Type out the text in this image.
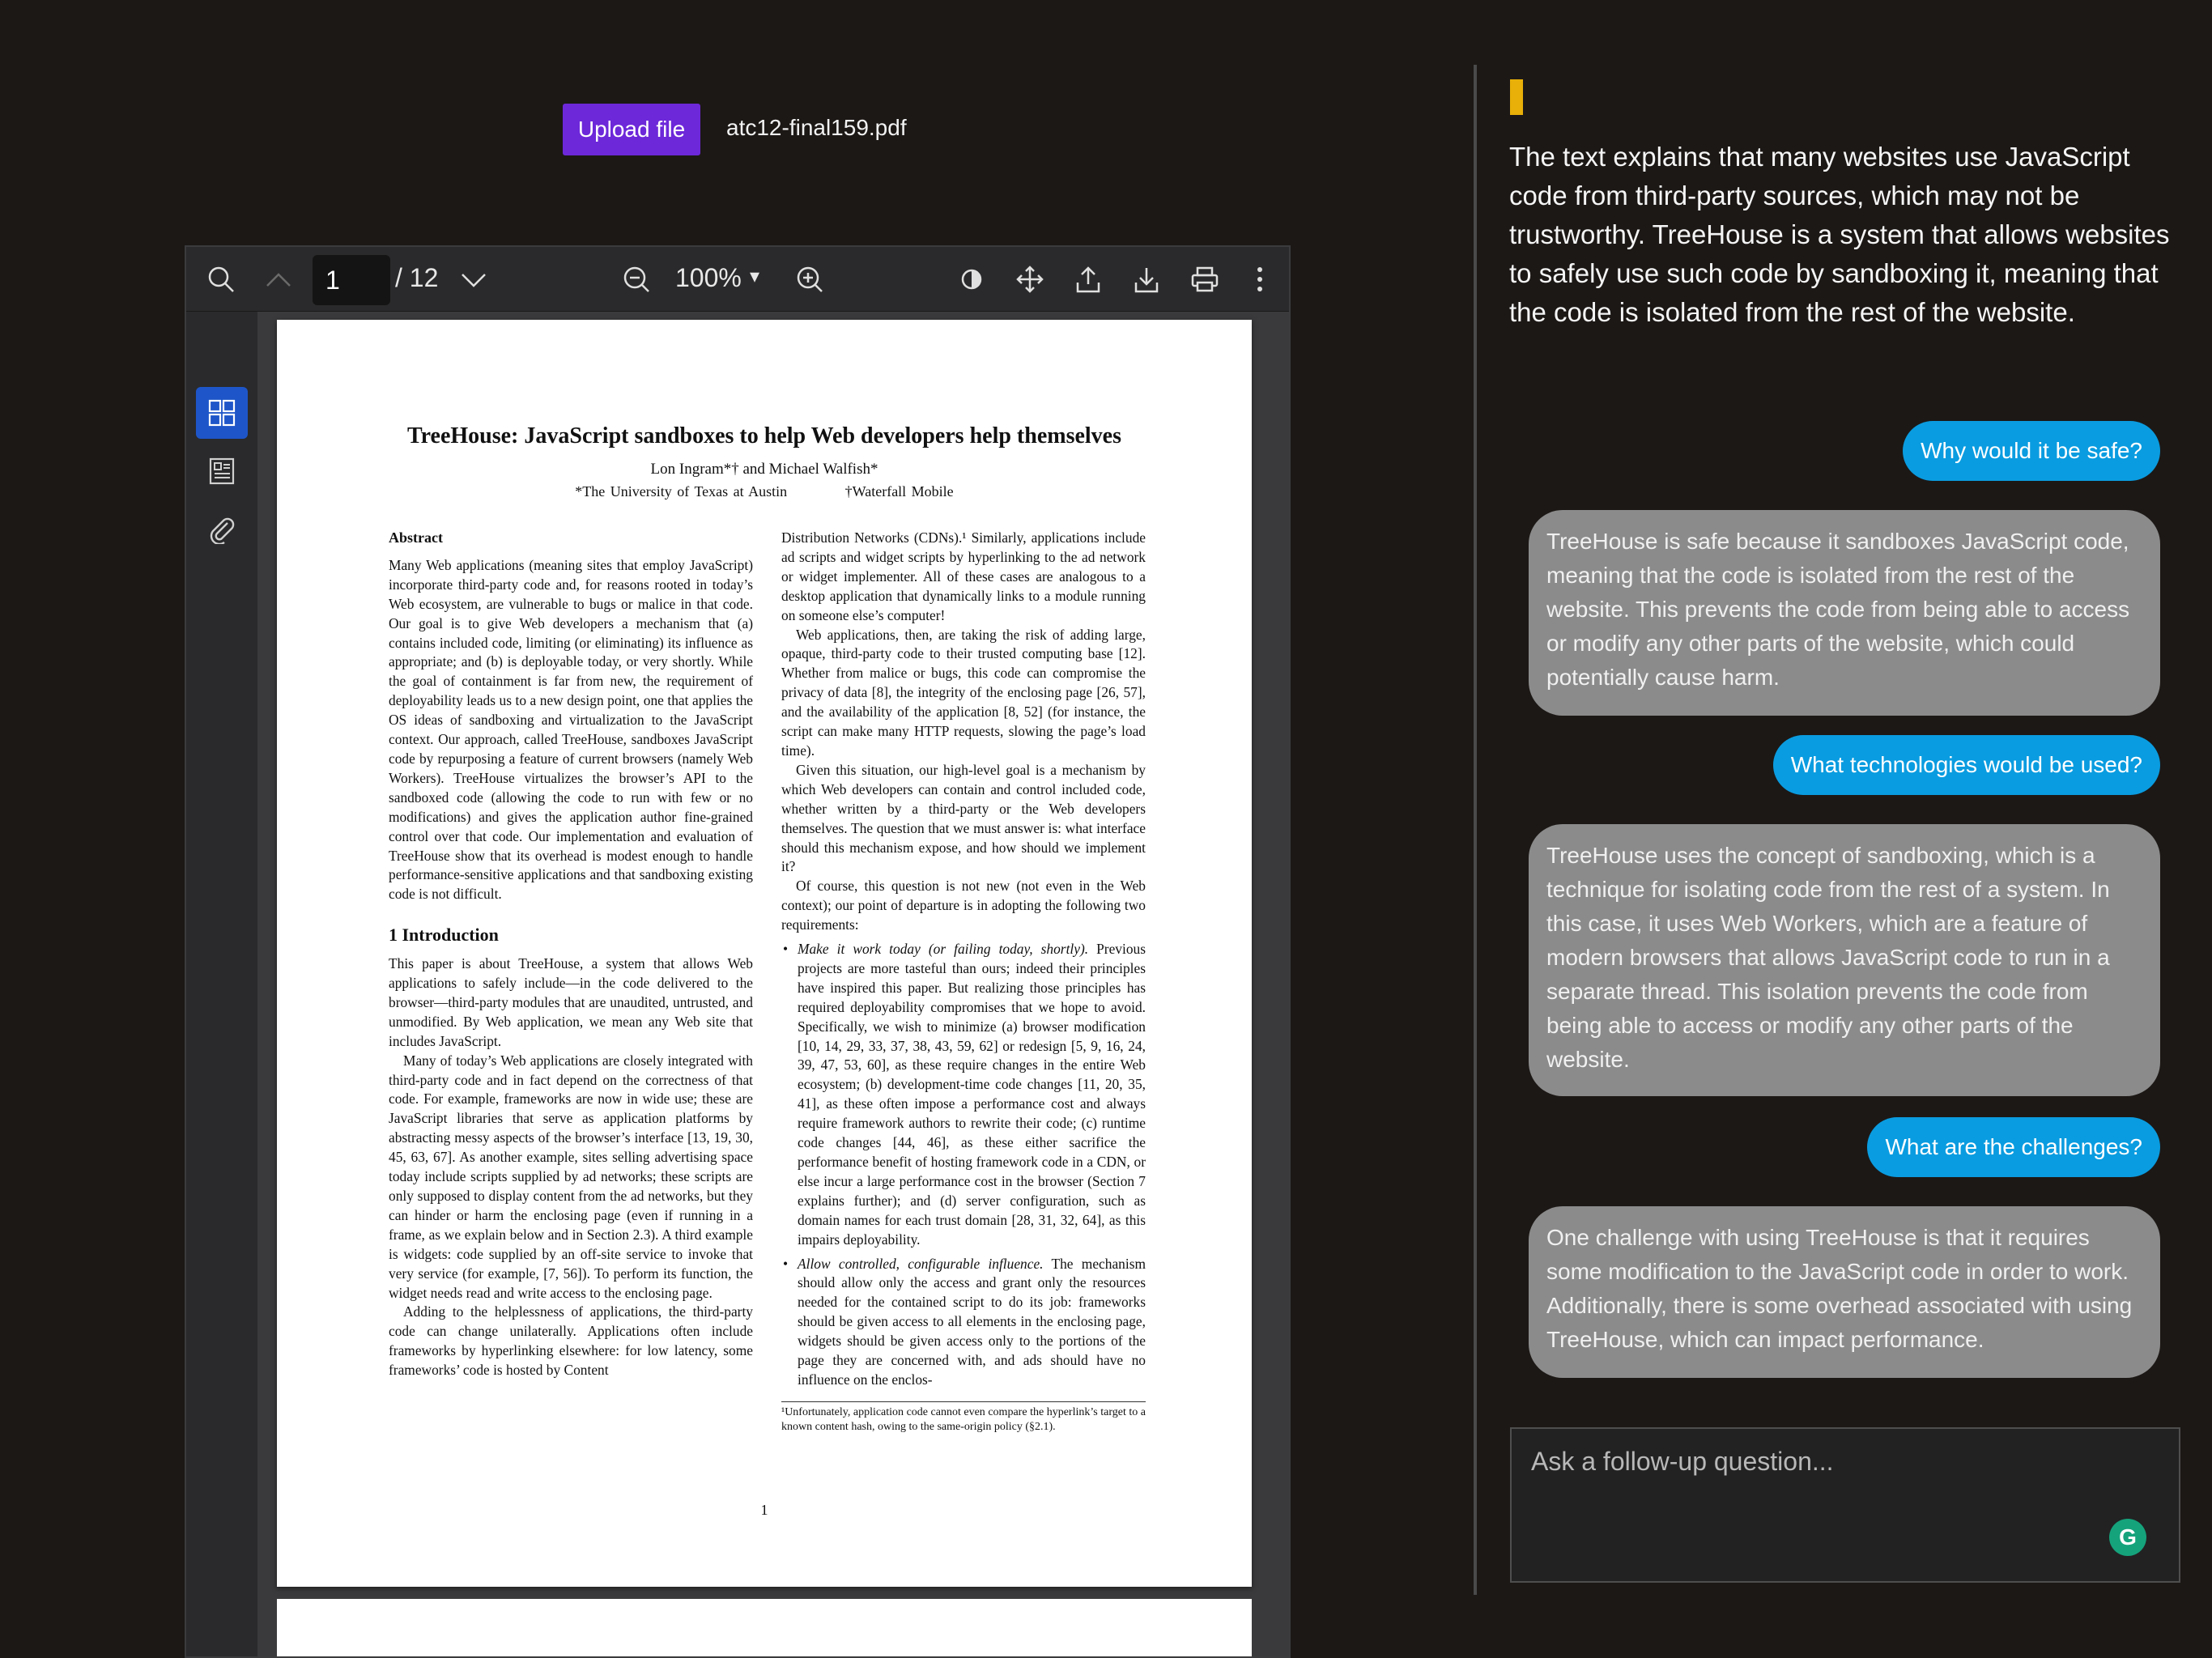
Upload file	atc12-final159.pdf
1
/ 12	100% ▾
TreeHouse: JavaScript sandboxes to help Web developers help themselves
Lon Ingram*† and Michael Walfish*
*The University of Texas at Austin	†Waterfall Mobile
Abstract

Many Web applications (meaning sites that employ JavaScript) incorporate third-party code and, for reasons rooted in today’s Web ecosystem, are vulnerable to bugs or malice in that code. Our goal is to give Web developers a mechanism that (a) contains included code, limiting (or eliminating) its influence as appropriate; and (b) is deployable today, or very shortly. While the goal of containment is far from new, the requirement of deployability leads us to a new design point, one that applies the OS ideas of sandboxing and virtualization to the JavaScript context. Our approach, called TreeHouse, sandboxes JavaScript code by repurposing a feature of current browsers (namely Web Workers). TreeHouse virtualizes the browser’s API to the sandboxed code (allowing the code to run with few or no modifications) and gives the application author fine-grained control over that code. Our implementation and evaluation of TreeHouse show that its overhead is modest enough to handle performance-sensitive applications and that sandboxing existing code is not difficult.

1 Introduction

This paper is about TreeHouse, a system that allows Web applications to safely include—in the code delivered to the browser—third-party modules that are unaudited, untrusted, and unmodified. By Web application, we mean any Web site that includes JavaScript.

Many of today’s Web applications are closely integrated with third-party code and in fact depend on the correctness of that code. For example, frameworks are now in wide use; these are JavaScript libraries that serve as application platforms by abstracting messy aspects of the browser’s interface [13, 19, 30, 45, 63, 67]. As another example, sites selling advertising space today include scripts supplied by ad networks; these scripts are only supposed to display content from the ad networks, but they can hinder or harm the enclosing page (even if running in a frame, as we explain below and in Section 2.3). A third example is widgets: code supplied by an off-site service to invoke that very service (for example, [7, 56]). To perform its function, the widget needs read and write access to the enclosing page.

Adding to the helplessness of applications, the third-party code can change unilaterally. Applications often include frameworks by hyperlinking elsewhere: for low latency, some frameworks’ code is hosted by Content

Distribution Networks (CDNs).¹ Similarly, applications include ad scripts and widget scripts by hyperlinking to the ad network or widget implementer. All of these cases are analogous to a desktop application that dynamically links to a module running on someone else’s computer!

Web applications, then, are taking the risk of adding large, opaque, third-party code to their trusted computing base [12]. Whether from malice or bugs, this code can compromise the privacy of data [8], the integrity of the enclosing page [26, 57], and the availability of the application [8, 52] (for instance, the script can make many HTTP requests, slowing the page’s load time).

Given this situation, our high-level goal is a mechanism by which Web developers can contain and control included code, whether written by a third-party or the Web developers themselves. The question that we must answer is: what interface should this mechanism expose, and how should we implement it?

Of course, this question is not new (not even in the Web context); our point of departure is in adopting the following two requirements:

• Make it work today (or failing today, shortly). Previous projects are more tasteful than ours; indeed their principles have inspired this paper. But realizing those principles has required deployability compromises that we hope to avoid. Specifically, we wish to minimize (a) browser modification [10, 14, 29, 33, 37, 38, 43, 59, 62] or redesign [5, 9, 16, 24, 39, 47, 53, 60], as these require changes in the entire Web ecosystem; (b) development-time code changes [11, 20, 35, 41], as these often impose a performance cost and always require framework authors to rewrite their code; (c) runtime code changes [44, 46], as these either sacrifice the performance benefit of hosting framework code in a CDN, or else incur a large performance cost in the browser (Section 7 explains further); and (d) server configuration, such as domain names for each trust domain [28, 31, 32, 64], as this impairs deployability.
• Allow controlled, configurable influence. The mechanism should allow only the access and grant only the resources needed for the contained script to do its job: frameworks should be given access to all elements in the enclosing page, widgets should be given access only to the portions of the page they are concerned with, and ads should have no influence on the enclos-
¹Unfortunately, application code cannot even compare the hyperlink’s target to a known content hash, owing to the same-origin policy (§2.1).
1
The text explains that many websites use JavaScript code from third-party sources, which may not be trustworthy. TreeHouse is a system that allows websites to safely use such code by sandboxing it, meaning that the code is isolated from the rest of the website.
Why would it be safe?
TreeHouse is safe because it sandboxes JavaScript code, meaning that the code is isolated from the rest of the website. This prevents the code from being able to access or modify any other parts of the website, which could potentially cause harm.
What technologies would be used?
TreeHouse uses the concept of sandboxing, which is a technique for isolating code from the rest of a system. In this case, it uses Web Workers, which are a feature of modern browsers that allows JavaScript code to run in a separate thread. This isolation prevents the code from being able to access or modify any other parts of the website.
What are the challenges?
One challenge with using TreeHouse is that it requires some modification to the JavaScript code in order to work. Additionally, there is some overhead associated with using TreeHouse, which can impact performance.
Ask a follow-up question...
G
